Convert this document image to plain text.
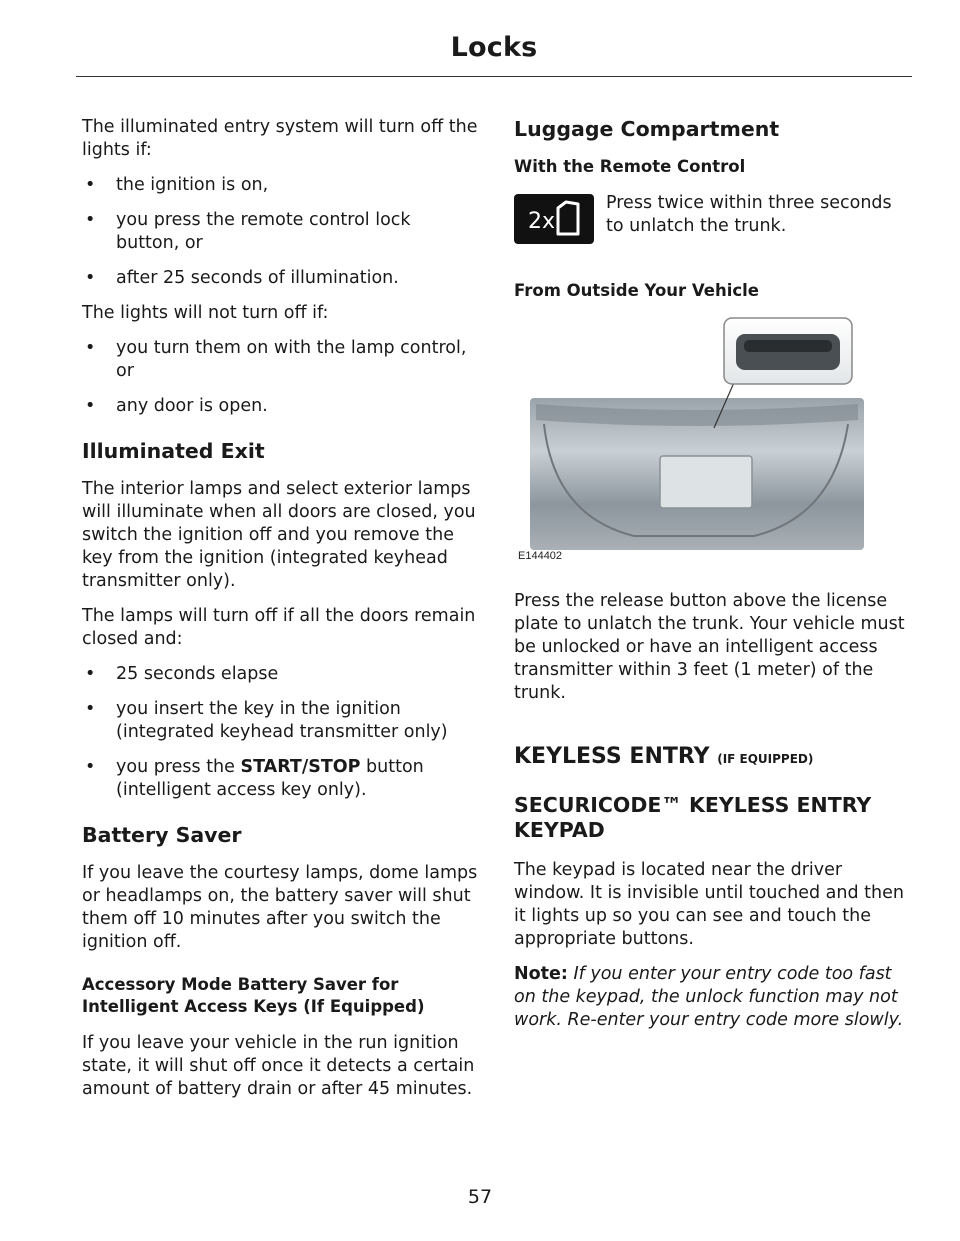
Locks

The illuminated entry system will turn off the lights if:

• the ignition is on,
• you press the remote control lock button, or
• after 25 seconds of illumination.

The lights will not turn off if:

• you turn them on with the lamp control, or
• any door is open.
Illuminated Exit

The interior lamps and select exterior lamps will illuminate when all doors are closed, you switch the ignition off and you remove the key from the ignition (integrated keyhead transmitter only).

The lamps will turn off if all the doors remain closed and:

• 25 seconds elapse
• you insert the key in the ignition (integrated keyhead transmitter only)
• you press the START/STOP button (intelligent access key only).
Battery Saver

If you leave the courtesy lamps, dome lamps or headlamps on, the battery saver will shut them off 10 minutes after you switch the ignition off.

Accessory Mode Battery Saver for Intelligent Access Keys (If Equipped)

If you leave your vehicle in the run ignition state, it will shut off once it detects a certain amount of battery drain or after 45 minutes.

Luggage Compartment
With the Remote Control
2x

Press twice within three seconds to unlatch the trunk.

From Outside Your Vehicle
E144402

Press the release button above the license plate to unlatch the trunk. Your vehicle must be unlocked or have an intelligent access transmitter within 3 feet (1 meter) of the trunk.

KEYLESS ENTRY (IF EQUIPPED)
SECURICODE™ KEYLESS ENTRY KEYPAD

The keypad is located near the driver window. It is invisible until touched and then it lights up so you can see and touch the appropriate buttons.

Note: If you enter your entry code too fast on the keypad, the unlock function may not work. Re-enter your entry code more slowly.

57
